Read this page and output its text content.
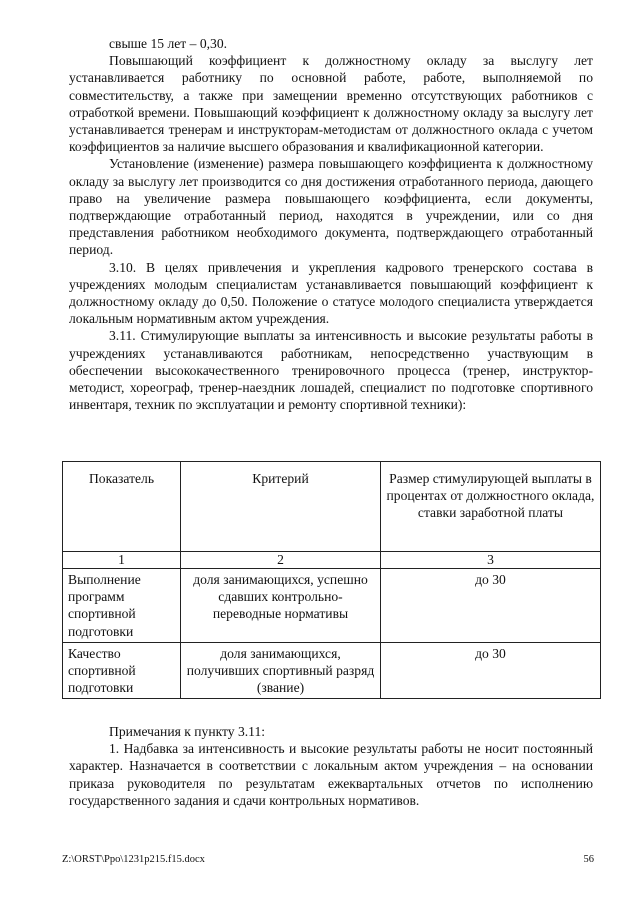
свыше 15 лет – 0,30.

Повышающий коэффициент к должностному окладу за выслугу лет устанавливается работнику по основной работе, работе, выполняемой по совместительству, а также при замещении временно отсутствующих работников с отработкой времени. Повышающий коэффициент к должностному окладу за выслугу лет устанавливается тренерам и инструкторам-методистам от должностного оклада с учетом коэффициентов за наличие высшего образования и квалификационной категории.

Установление (изменение) размера повышающего коэффициента к должностному окладу за выслугу лет производится со дня достижения отработанного периода, дающего право на увеличение размера повышающего коэффициента, если документы, подтверждающие отработанный период, находятся в учреждении, или со дня представления работником необходимого документа, подтверждающего отработанный период.

3.10. В целях привлечения и укрепления кадрового тренерского состава в учреждениях молодым специалистам устанавливается повышающий коэффициент к должностному окладу до 0,50. Положение о статусе молодого специалиста утверждается локальным нормативным актом учреждения.

3.11. Стимулирующие выплаты за интенсивность и высокие результаты работы в учреждениях устанавливаются работникам, непосредственно участвующим в обеспечении высококачественного тренировочного процесса (тренер, инструктор-методист, хореограф, тренер-наездник лошадей, специалист по подготовке спортивного инвентаря, техник по эксплуатации и ремонту спортивной техники):

Показатель	Критерий	Размер стимулирующей выплаты в процентах от должностного оклада, ставки заработной платы
1	2	3
Выполнение программ спортивной подготовки	доля занимающихся, успешно сдавших контрольно-переводные нормативы	до 30
Качество спортивной подготовки	доля занимающихся, получивших спортивный разряд (звание)	до 30

Примечания к пункту 3.11:

1. Надбавка за интенсивность и высокие результаты работы не носит постоянный характер. Назначается в соответствии с локальным актом учреждения – на основании приказа руководителя по результатам ежеквартальных отчетов по исполнению государственного задания и сдачи контрольных нормативов.

Z:\ORST\Ppo\1231p215.f15.docx	56
